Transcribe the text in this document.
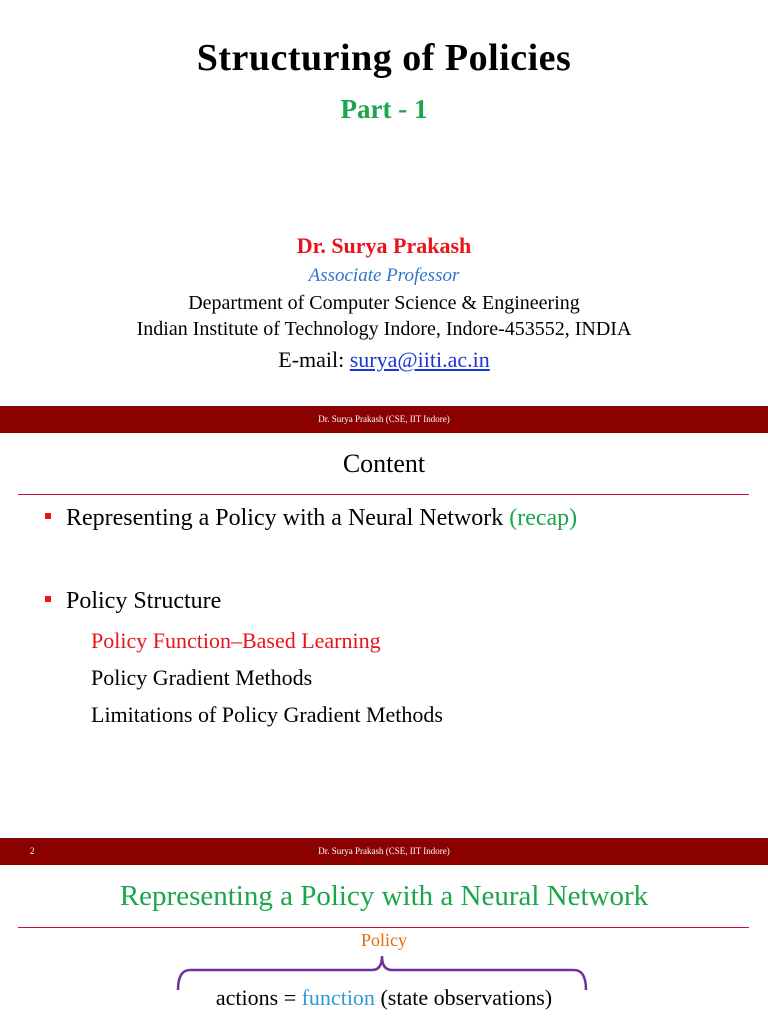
Structuring of Policies
Part - 1
Dr. Surya Prakash
Associate Professor
Department of Computer Science & Engineering
Indian Institute of Technology Indore, Indore-453552, INDIA
E-mail: surya@iiti.ac.in
Dr. Surya Prakash (CSE, IIT Indore)
Content
Representing a Policy with a Neural Network (recap)
Policy Structure
Policy Function–Based Learning
Policy Gradient Methods
Limitations of Policy Gradient Methods
2	Dr. Surya Prakash (CSE, IIT Indore)
Representing a Policy with a Neural Network
Policy
actions = function (state observations)
